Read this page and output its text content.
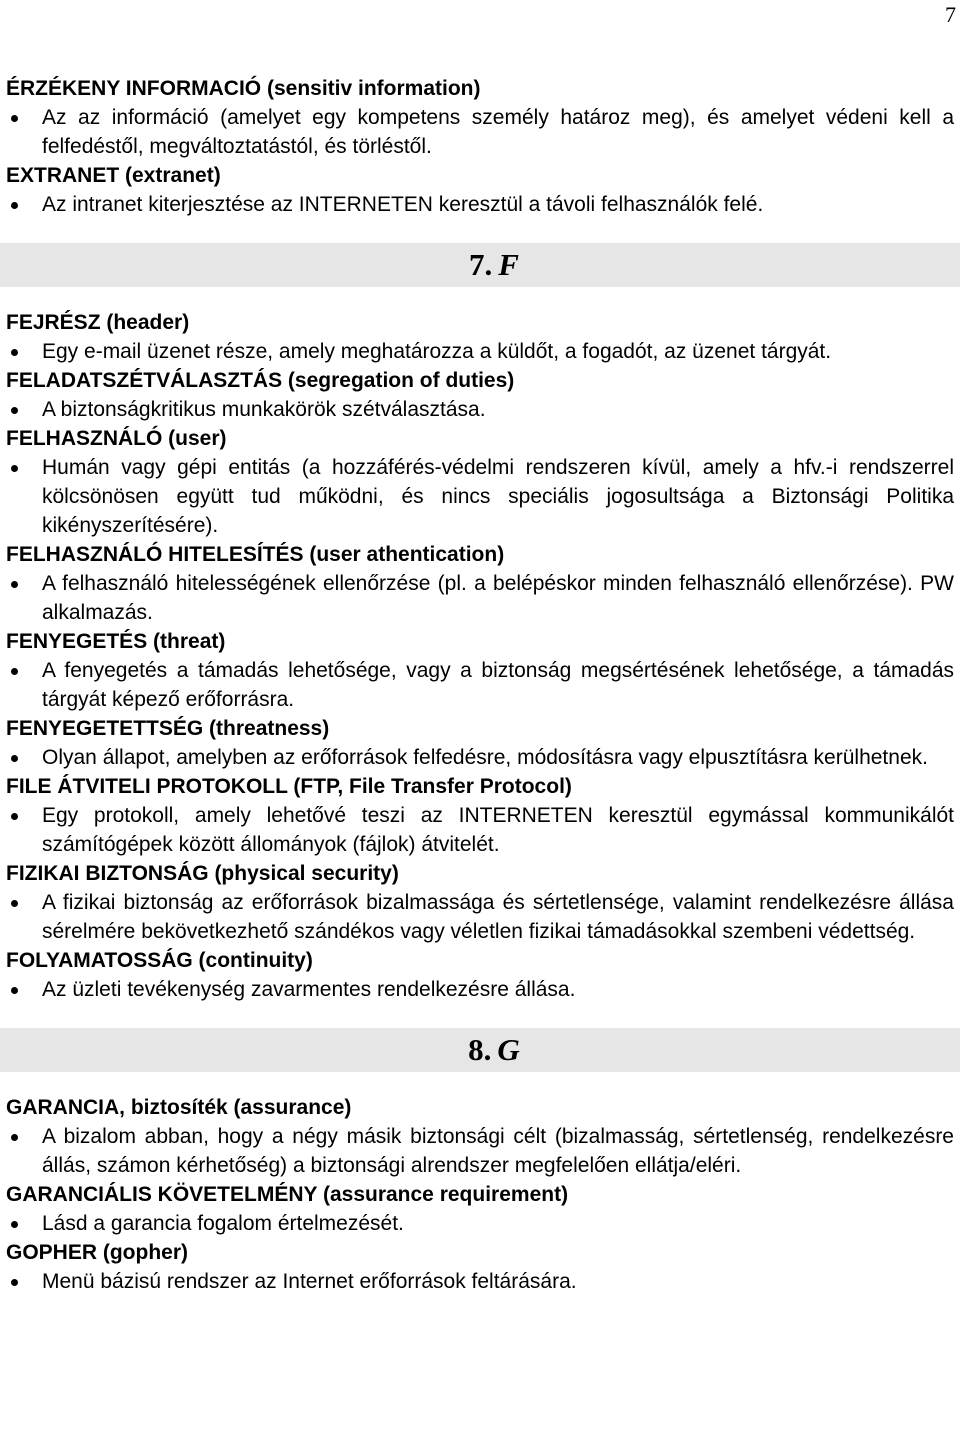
7
ÉRZÉKENY INFORMACIÓ (sensitiv information)
Az az információ (amelyet egy kompetens személy határoz meg), és amelyet védeni kell a felfedéstől, megváltoztatástól, és törléstől.
EXTRANET (extranet)
Az intranet kiterjesztése az INTERNETEN keresztül a távoli felhasználók felé.
7. F
FEJRÉSZ (header)
Egy e-mail üzenet része, amely meghatározza a küldőt, a fogadót, az üzenet tárgyát.
FELADATSZÉTVÁLASZTÁS (segregation of duties)
A biztonságkritikus munkakörök szétválasztása.
FELHASZNÁLÓ (user)
Humán vagy gépi entitás (a hozzáférés-védelmi rendszeren kívül, amely a hfv.-i rendszerrel kölcsönösen együtt tud működni, és nincs speciális jogosultsága a Biztonsági Politika kikényszerítésére).
FELHASZNÁLÓ HITELESÍTÉS (user athentication)
A felhasználó hitelességének ellenőrzése (pl. a belépéskor minden felhasználó ellenőrzése). PW alkalmazás.
FENYEGETÉS (threat)
A fenyegetés a támadás lehetősége, vagy a biztonság megsértésének lehetősége, a támadás tárgyát képező erőforrásra.
FENYEGETETTSÉG (threatness)
Olyan állapot, amelyben az erőforrások felfedésre, módosításra vagy elpusztításra kerülhetnek.
FILE ÁTVITELI PROTOKOLL (FTP, File Transfer Protocol)
Egy protokoll, amely lehetővé teszi az INTERNETEN keresztül egymással kommunikálót számítógépek között állományok (fájlok) átvitelét.
FIZIKAI BIZTONSÁG (physical security)
A fizikai biztonság az erőforrások bizalmassága és sértetlensége, valamint rendelkezésre állása sérelmére bekövetkezhető szándékos vagy véletlen fizikai támadásokkal szembeni védettség.
FOLYAMATOSSÁG (continuity)
Az üzleti tevékenység zavarmentes rendelkezésre állása.
8. G
GARANCIA, biztosíték (assurance)
A bizalom abban, hogy a négy másik biztonsági célt (bizalmasság, sértetlenség, rendelkezésre állás, számon kérhetőség) a biztonsági alrendszer megfelelően ellátja/eléri.
GARANCIÁLIS KÖVETELMÉNY (assurance requirement)
Lásd a garancia fogalom értelmezését.
GOPHER (gopher)
Menü bázisú rendszer az Internet erőforrások feltárására.
